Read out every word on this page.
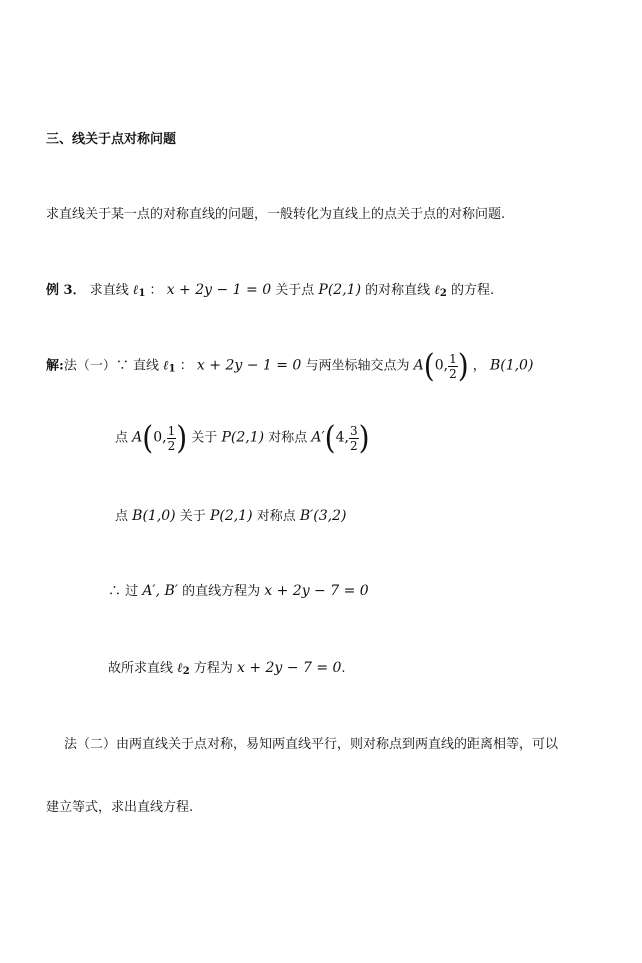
三、线关于点对称问题
求直线关于某一点的对称直线的问题，一般转化为直线上的点关于点的对称问题.
例 3． 求直线 ℓ$_1$ ： x + 2y − 1 = 0 关于点 P(2,1) 的对称直线 ℓ$_2$ 的方程.
解:法（一）∵ 直线 ℓ$_1$ ： x + 2y − 1 = 0 与两坐标轴交点为 A(0, $\frac{1}{2}$ ) ， B(1,0)
点 A(0, $\frac{1}{2}$ ) 关于 P(2,1) 对称点 A′(4, $\frac{3}{2}$ )
点 B(1,0) 关于 P(2,1) 对称点 B′(3,2)
∴ 过 A′, B′ 的直线方程为 x + 2y − 7 = 0
故所求直线 ℓ$_2$ 方程为 x + 2y − 7 = 0.
法（二）由两直线关于点对称，易知两直线平行，则对称点到两直线的距离相等，可以
建立等式，求出直线方程.
